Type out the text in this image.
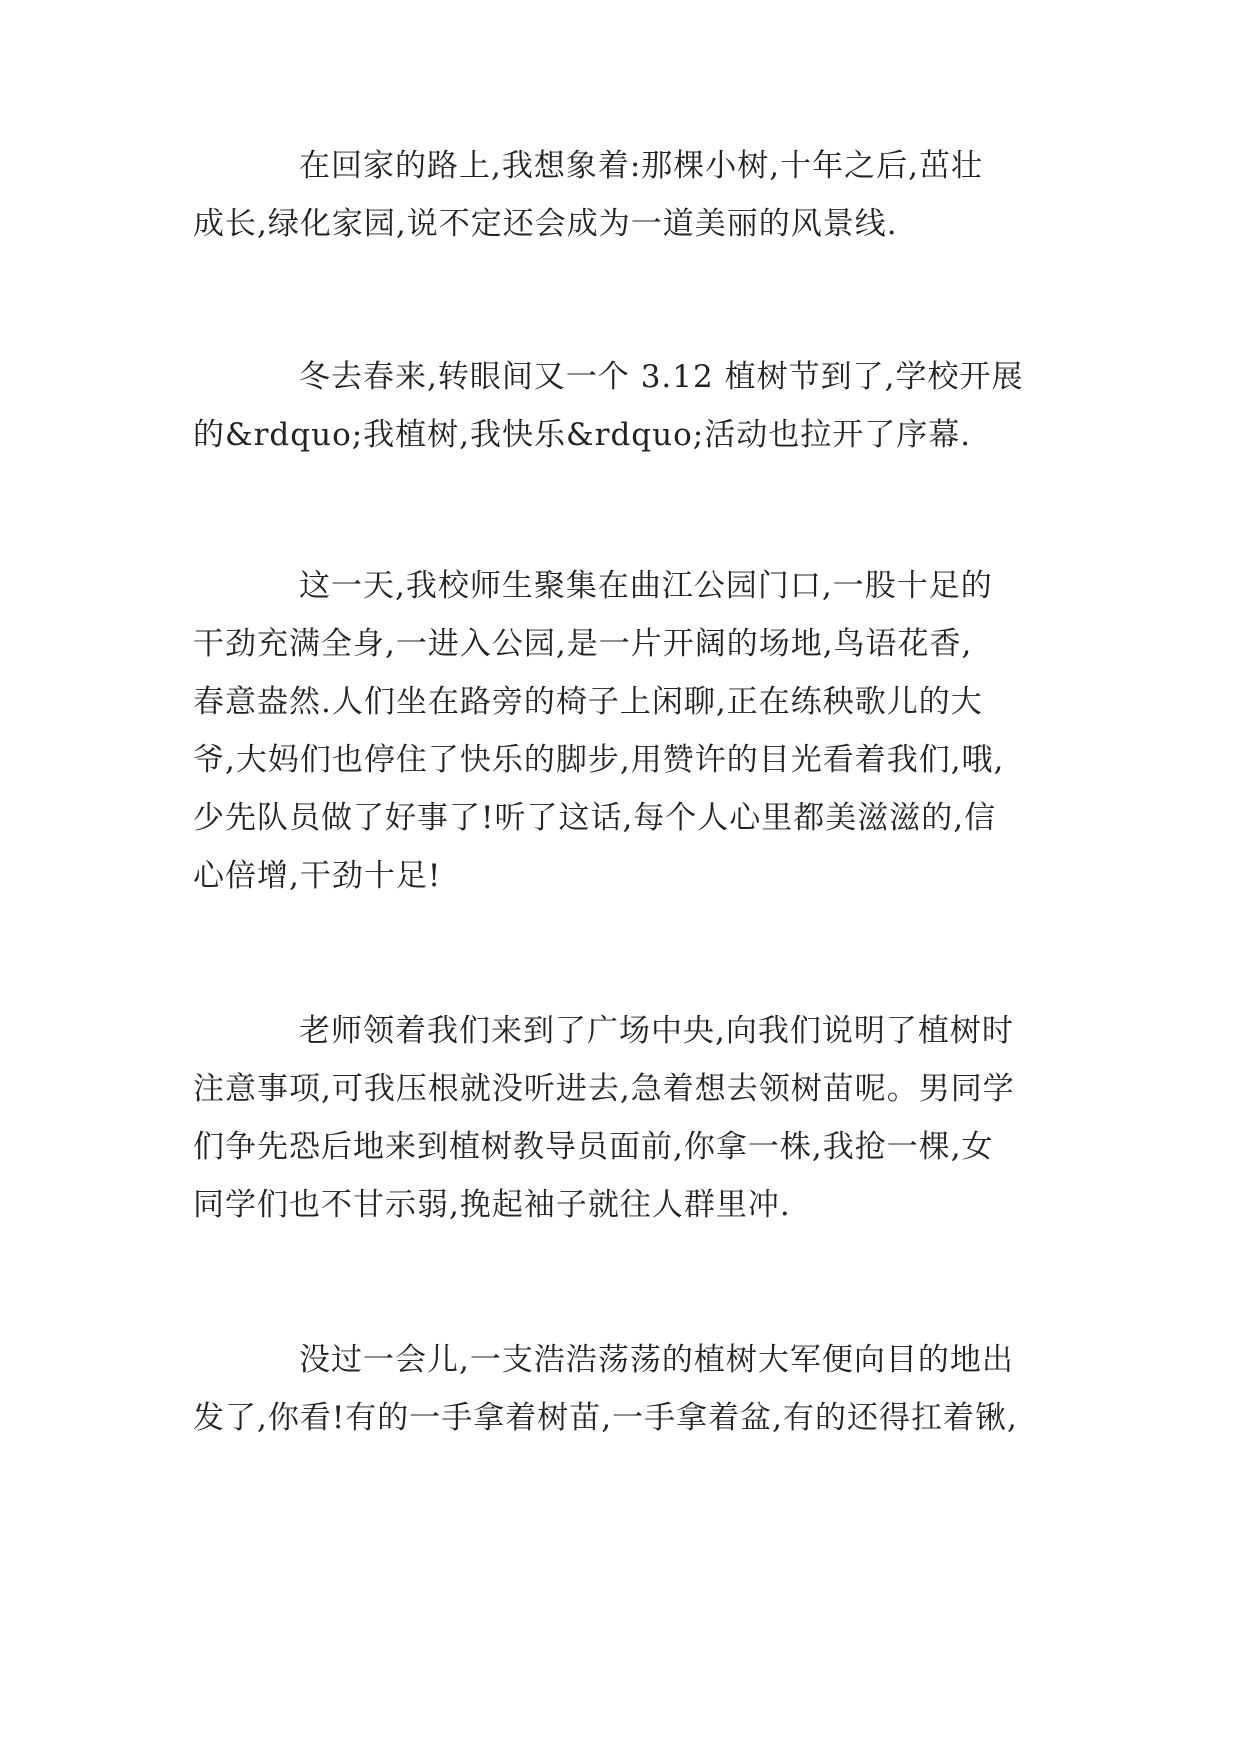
在回家的路上,我想象着:那棵小树,十年之后,茁壮
成长,绿化家园,说不定还会成为一道美丽的风景线.
冬去春来,转眼间又一个 3.12 植树节到了,学校开展
的&rdquo;我植树,我快乐&rdquo;活动也拉开了序幕.
这一天,我校师生聚集在曲江公园门口,一股十足的
干劲充满全身,一进入公园,是一片开阔的场地,鸟语花香,
春意盎然.人们坐在路旁的椅子上闲聊,正在练秧歌儿的大
爷,大妈们也停住了快乐的脚步,用赞许的目光看着我们,哦,
少先队员做了好事了!听了这话,每个人心里都美滋滋的,信
心倍增,干劲十足!
老师领着我们来到了广场中央,向我们说明了植树时
注意事项,可我压根就没听进去,急着想去领树苗呢。男同学
们争先恐后地来到植树教导员面前,你拿一株,我抢一棵,女
同学们也不甘示弱,挽起袖子就往人群里冲.
没过一会儿,一支浩浩荡荡的植树大军便向目的地出
发了,你看!有的一手拿着树苗,一手拿着盆,有的还得扛着锹,
